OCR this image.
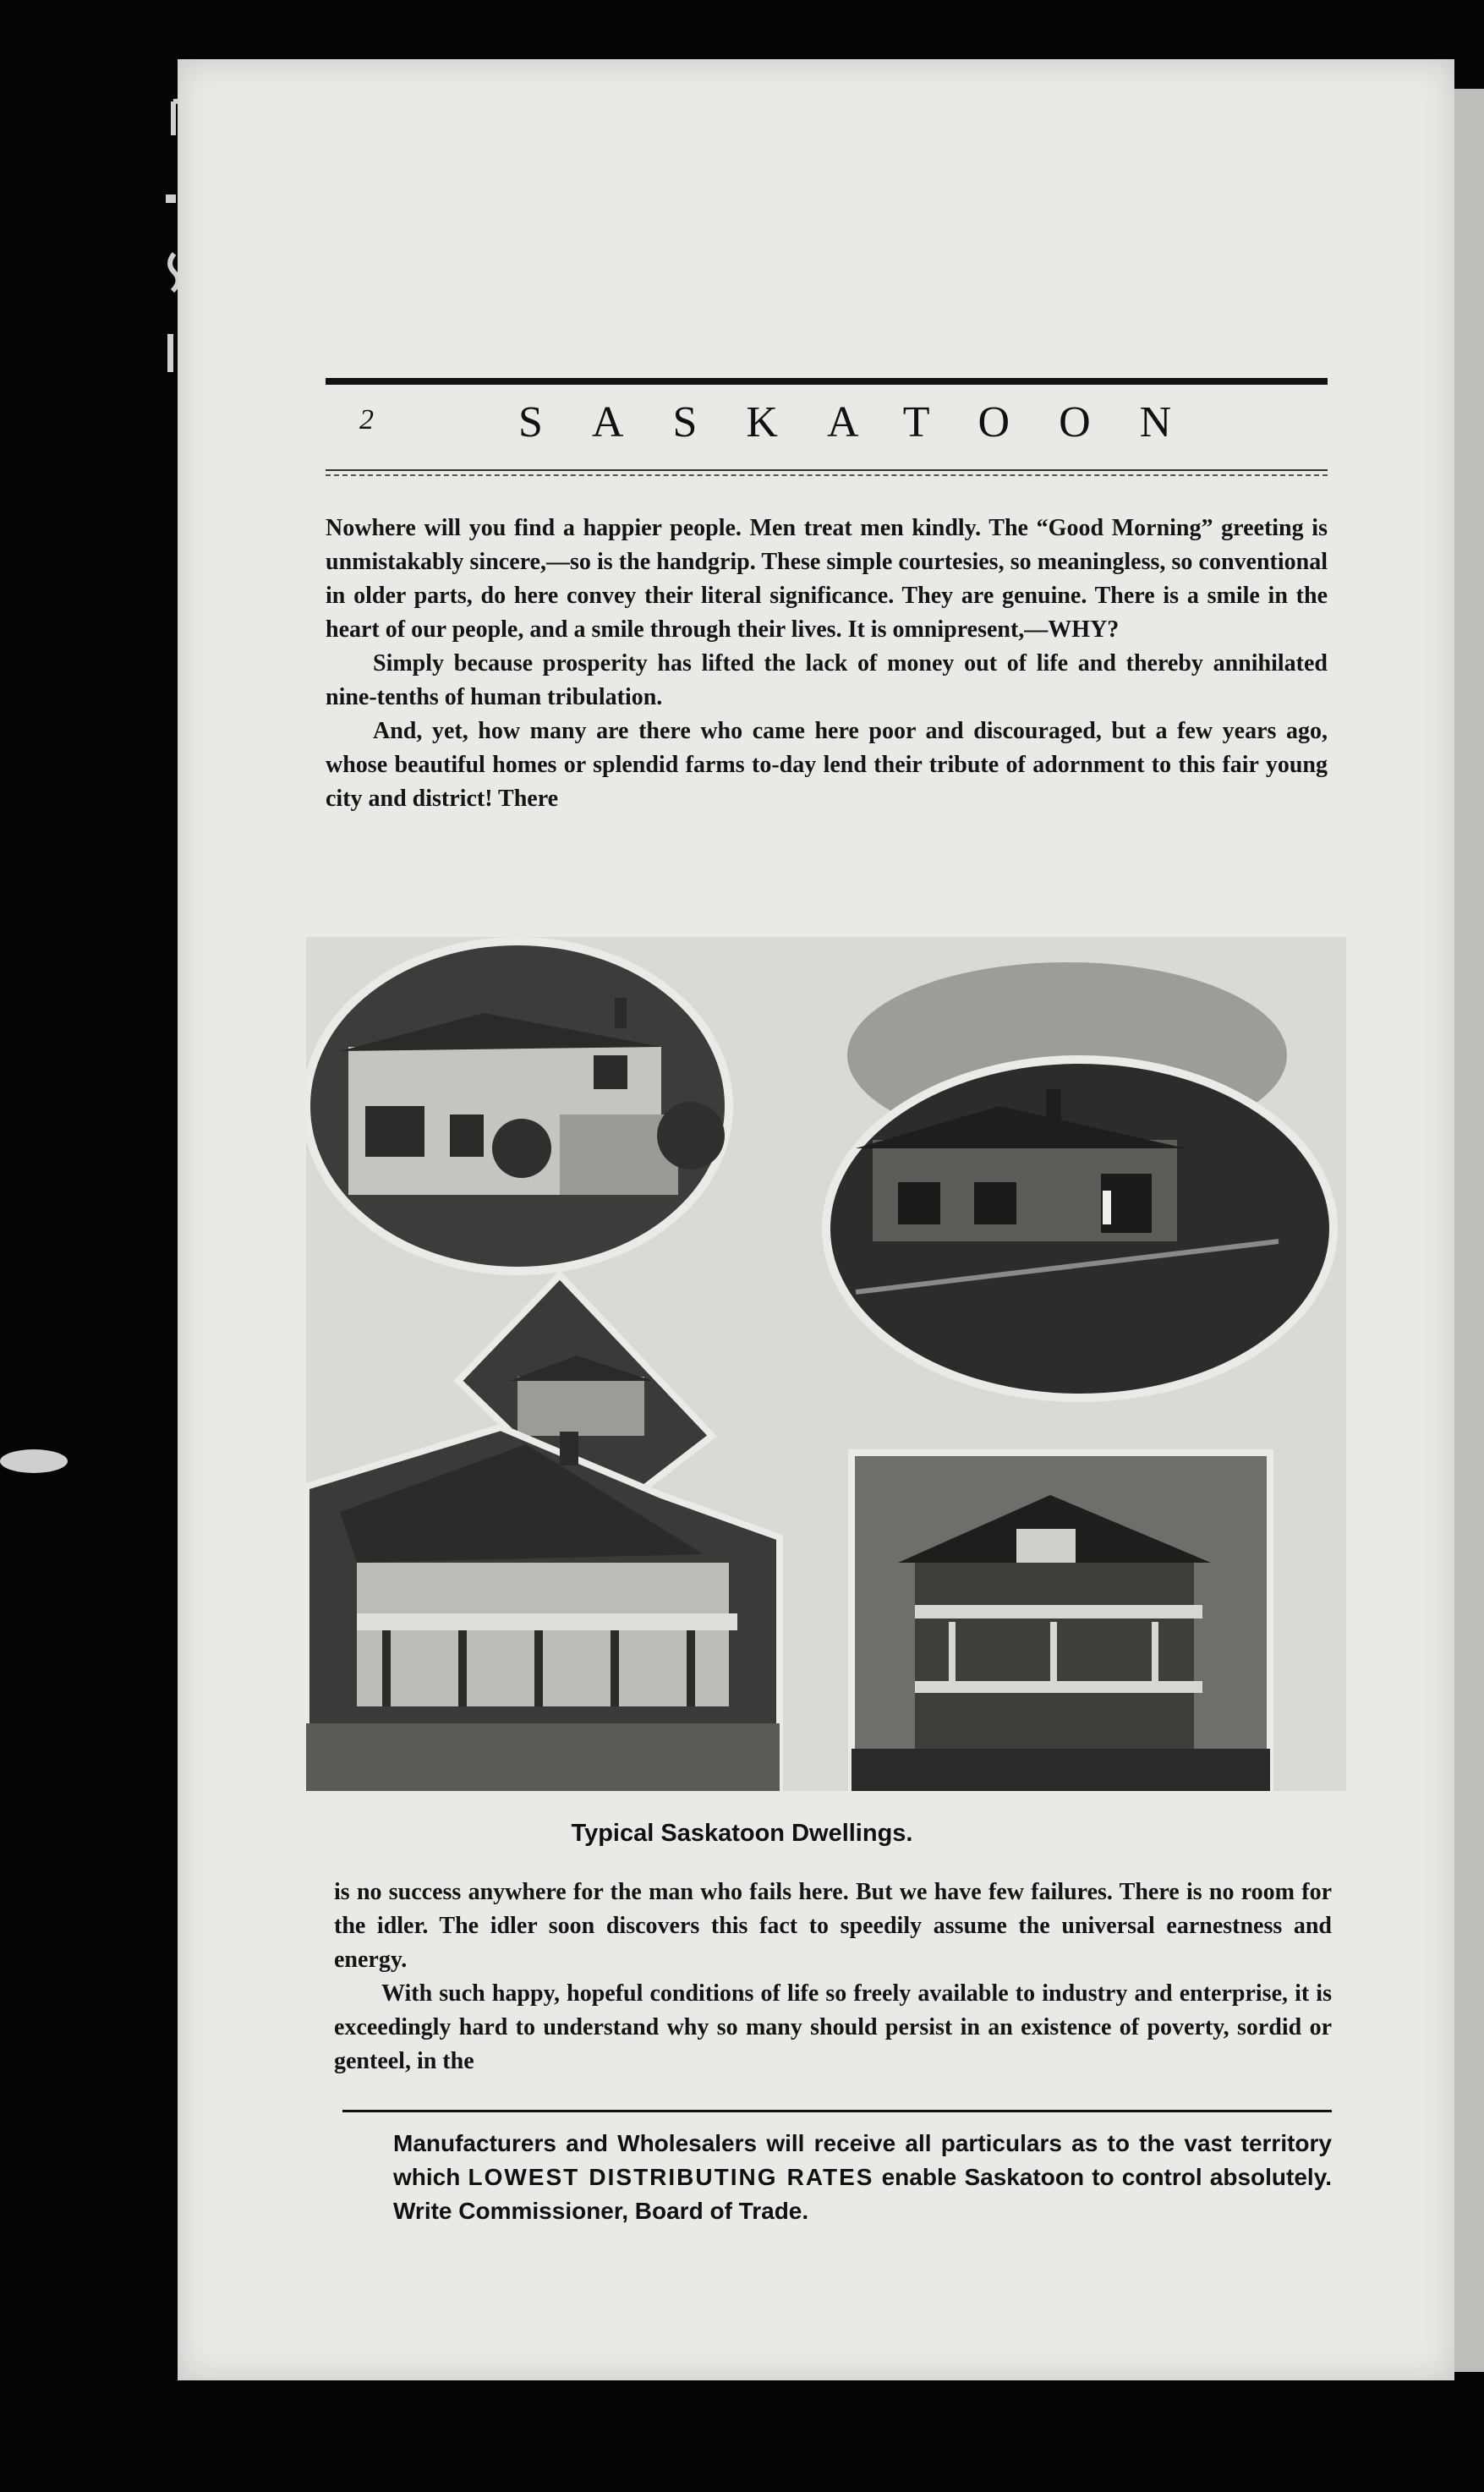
2	SASKATOON

Nowhere will you find a happier people. Men treat men kindly. The “Good Morning” greeting is unmistakably sincere,—so is the handgrip. These simple courtesies, so meaningless, so conventional in older parts, do here convey their literal significance. They are genuine. There is a smile in the heart of our people, and a smile through their lives. It is omnipresent,—WHY?

Simply because prosperity has lifted the lack of money out of life and thereby annihilated nine-tenths of human tribulation.

And, yet, how many are there who came here poor and discouraged, but a few years ago, whose beautiful homes or splendid farms to-day lend their tribute of adornment to this fair young city and district! There

Typical Saskatoon Dwellings.

is no success anywhere for the man who fails here. But we have few failures. There is no room for the idler. The idler soon discovers this fact to speedily assume the universal earnestness and energy.

With such happy, hopeful conditions of life so freely available to industry and enterprise, it is exceedingly hard to understand why so many should persist in an existence of poverty, sordid or genteel, in the

Manufacturers and Wholesalers will receive all particulars as to the vast territory which LOWEST DISTRIBUTING RATES enable Saskatoon to control absolutely. Write Commissioner, Board of Trade.
